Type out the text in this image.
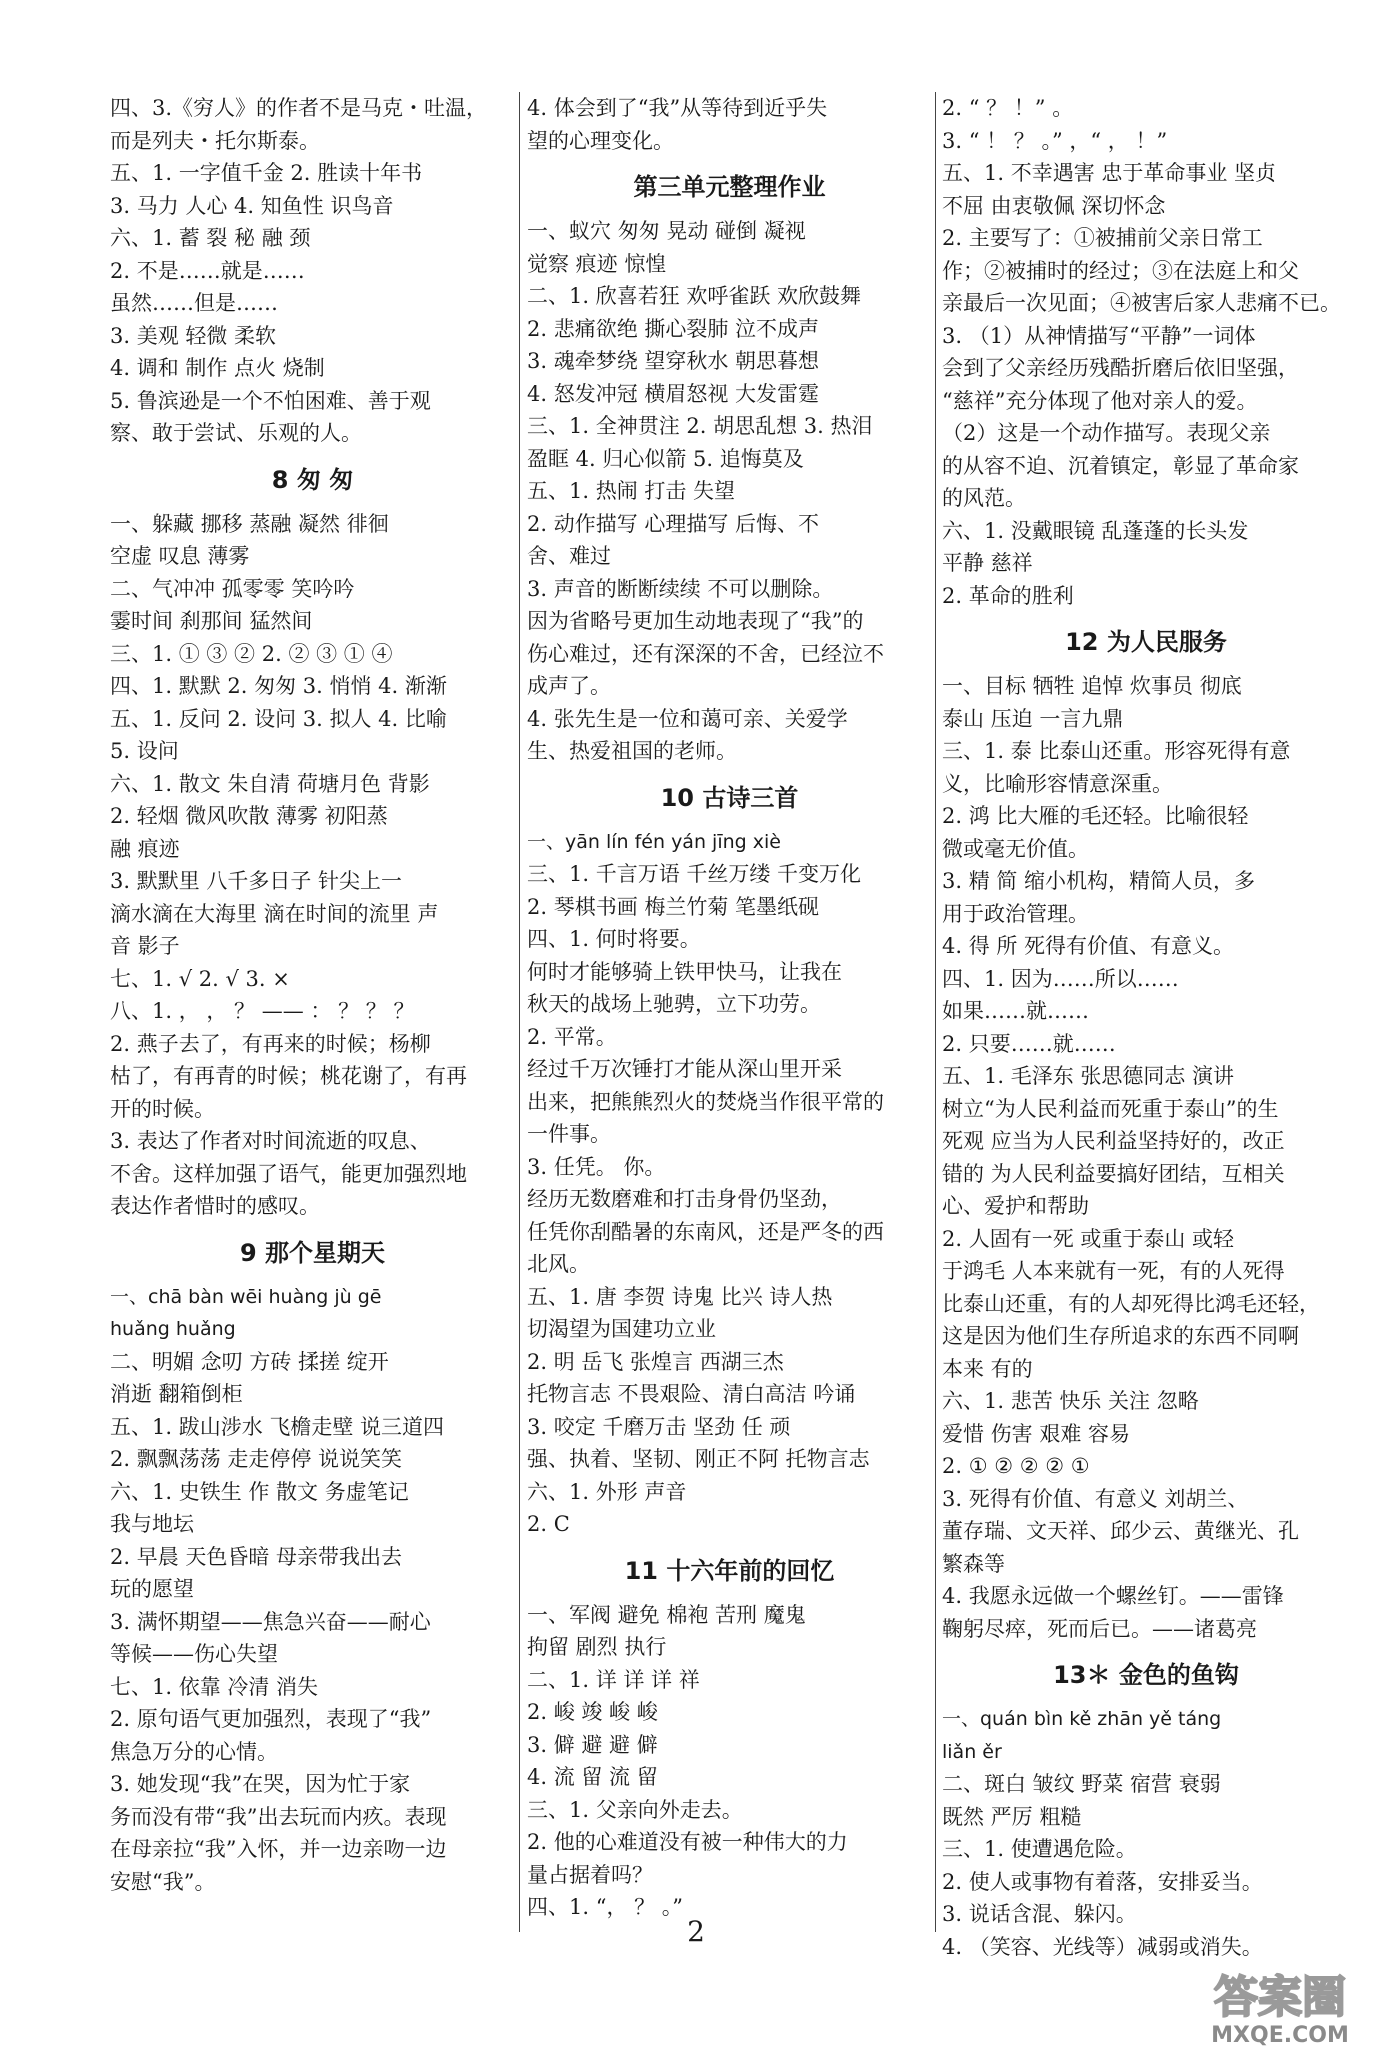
四、3.《穷人》的作者不是马克・吐温，
而是列夫・托尔斯泰。
五、1. 一字值千金 2. 胜读十年书
3. 马力 人心 4. 知鱼性 识鸟音
六、1. 蓄 裂 秘 融 颈
2. 不是……就是……
虽然……但是……
3. 美观 轻微 柔软
4. 调和 制作 点火 烧制
5. 鲁滨逊是一个不怕困难、善于观
察、敢于尝试、乐观的人。
8 匆 匆
一、躲藏 挪移 蒸融 凝然 徘徊
空虚 叹息 薄雾
二、气冲冲 孤零零 笑吟吟
霎时间 刹那间 猛然间
三、1. ① ③ ② 2. ② ③ ① ④
四、1. 默默 2. 匆匆 3. 悄悄 4. 渐渐
五、1. 反问 2. 设问 3. 拟人 4. 比喻
5. 设问
六、1. 散文 朱自清 荷塘月色 背影
2. 轻烟 微风吹散 薄雾 初阳蒸
融 痕迹
3. 默默里 八千多日子 针尖上一
滴水滴在大海里 滴在时间的流里 声
音 影子
七、1. √ 2. √ 3. ×
八、1. ， ， ？ —— ： ？ ？ ？
2. 燕子去了，有再来的时候；杨柳
枯了，有再青的时候；桃花谢了，有再
开的时候。
3. 表达了作者对时间流逝的叹息、
不舍。这样加强了语气，能更加强烈地
表达作者惜时的感叹。
9 那个星期天
一、chā bàn wēi huàng jù gē
huǎng huǎng
二、明媚 念叨 方砖 揉搓 绽开
消逝 翻箱倒柜
五、1. 跋山涉水 飞檐走壁 说三道四
2. 飘飘荡荡 走走停停 说说笑笑
六、1. 史铁生 作 散文 务虚笔记
我与地坛
2. 早晨 天色昏暗 母亲带我出去
玩的愿望
3. 满怀期望——焦急兴奋——耐心
等候——伤心失望
七、1. 依靠 冷清 消失
2. 原句语气更加强烈，表现了“我”
焦急万分的心情。
3. 她发现“我”在哭，因为忙于家
务而没有带“我”出去玩而内疚。表现
在母亲拉“我”入怀，并一边亲吻一边
安慰“我”。
4. 体会到了“我”从等待到近乎失
望的心理变化。
第三单元整理作业
一、蚁穴 匆匆 晃动 碰倒 凝视
觉察 痕迹 惊惶
二、1. 欣喜若狂 欢呼雀跃 欢欣鼓舞
2. 悲痛欲绝 撕心裂肺 泣不成声
3. 魂牵梦绕 望穿秋水 朝思暮想
4. 怒发冲冠 横眉怒视 大发雷霆
三、1. 全神贯注 2. 胡思乱想 3. 热泪
盈眶 4. 归心似箭 5. 追悔莫及
五、1. 热闹 打击 失望
2. 动作描写 心理描写 后悔、不
舍、难过
3. 声音的断断续续 不可以删除。
因为省略号更加生动地表现了“我”的
伤心难过，还有深深的不舍，已经泣不
成声了。
4. 张先生是一位和蔼可亲、关爱学
生、热爱祖国的老师。
10 古诗三首
一、yān lín fén yán jīng xiè
三、1. 千言万语 千丝万缕 千变万化
2. 琴棋书画 梅兰竹菊 笔墨纸砚
四、1. 何时将要。
何时才能够骑上铁甲快马，让我在
秋天的战场上驰骋，立下功劳。
2. 平常。
经过千万次锤打才能从深山里开采
出来，把熊熊烈火的焚烧当作很平常的
一件事。
3. 任凭。 你。
经历无数磨难和打击身骨仍坚劲，
任凭你刮酷暑的东南风，还是严冬的西
北风。
五、1. 唐 李贺 诗鬼 比兴 诗人热
切渴望为国建功立业
2. 明 岳飞 张煌言 西湖三杰
托物言志 不畏艰险、清白高洁 吟诵
3. 咬定 千磨万击 坚劲 任 顽
强、执着、坚韧、刚正不阿 托物言志
六、1. 外形 声音
2. C
11 十六年前的回忆
一、军阀 避免 棉袍 苦刑 魔鬼
拘留 剧烈 执行
二、1. 详 详 详 祥
2. 峻 竣 峻 峻
3. 僻 避 避 僻
4. 流 留 流 留
三、1. 父亲向外走去。
2. 他的心难道没有被一种伟大的力
量占据着吗？
四、1. “， ？ 。”
2. “ ？ ！” 。
3. “ ！ ？ 。” ，“ ， ！”
五、1. 不幸遇害 忠于革命事业 坚贞
不屈 由衷敬佩 深切怀念
2. 主要写了：①被捕前父亲日常工
作；②被捕时的经过；③在法庭上和父
亲最后一次见面；④被害后家人悲痛不已。
3. （1）从神情描写“平静”一词体
会到了父亲经历残酷折磨后依旧坚强，
“慈祥”充分体现了他对亲人的爱。
（2）这是一个动作描写。表现父亲
的从容不迫、沉着镇定，彰显了革命家
的风范。
六、1. 没戴眼镜 乱蓬蓬的长头发
平静 慈祥
2. 革命的胜利
12 为人民服务
一、目标 牺牲 追悼 炊事员 彻底
泰山 压迫 一言九鼎
三、1. 泰 比泰山还重。形容死得有意
义，比喻形容情意深重。
2. 鸿 比大雁的毛还轻。比喻很轻
微或毫无价值。
3. 精 简 缩小机构，精简人员，多
用于政治管理。
4. 得 所 死得有价值、有意义。
四、1. 因为……所以……
如果……就……
2. 只要……就……
五、1. 毛泽东 张思德同志 演讲
树立“为人民利益而死重于泰山”的生
死观 应当为人民利益坚持好的，改正
错的 为人民利益要搞好团结，互相关
心、爱护和帮助
2. 人固有一死 或重于泰山 或轻
于鸿毛 人本来就有一死，有的人死得
比泰山还重，有的人却死得比鸿毛还轻，
这是因为他们生存所追求的东西不同啊
本来 有的
六、1. 悲苦 快乐 关注 忽略
爱惜 伤害 艰难 容易
2. ① ② ② ② ①
3. 死得有价值、有意义 刘胡兰、
董存瑞、文天祥、邱少云、黄继光、孔
繁森等
4. 我愿永远做一个螺丝钉。——雷锋
鞠躬尽瘁，死而后已。——诸葛亮
13＊ 金色的鱼钩
一、quán bìn kě zhān yě táng
liǎn ěr
二、斑白 皱纹 野菜 宿营 衰弱
既然 严厉 粗糙
三、1. 使遭遇危险。
2. 使人或事物有着落，安排妥当。
3. 说话含混、躲闪。
4. （笑容、光线等）减弱或消失。
2
答案圈
MXQE.COM
